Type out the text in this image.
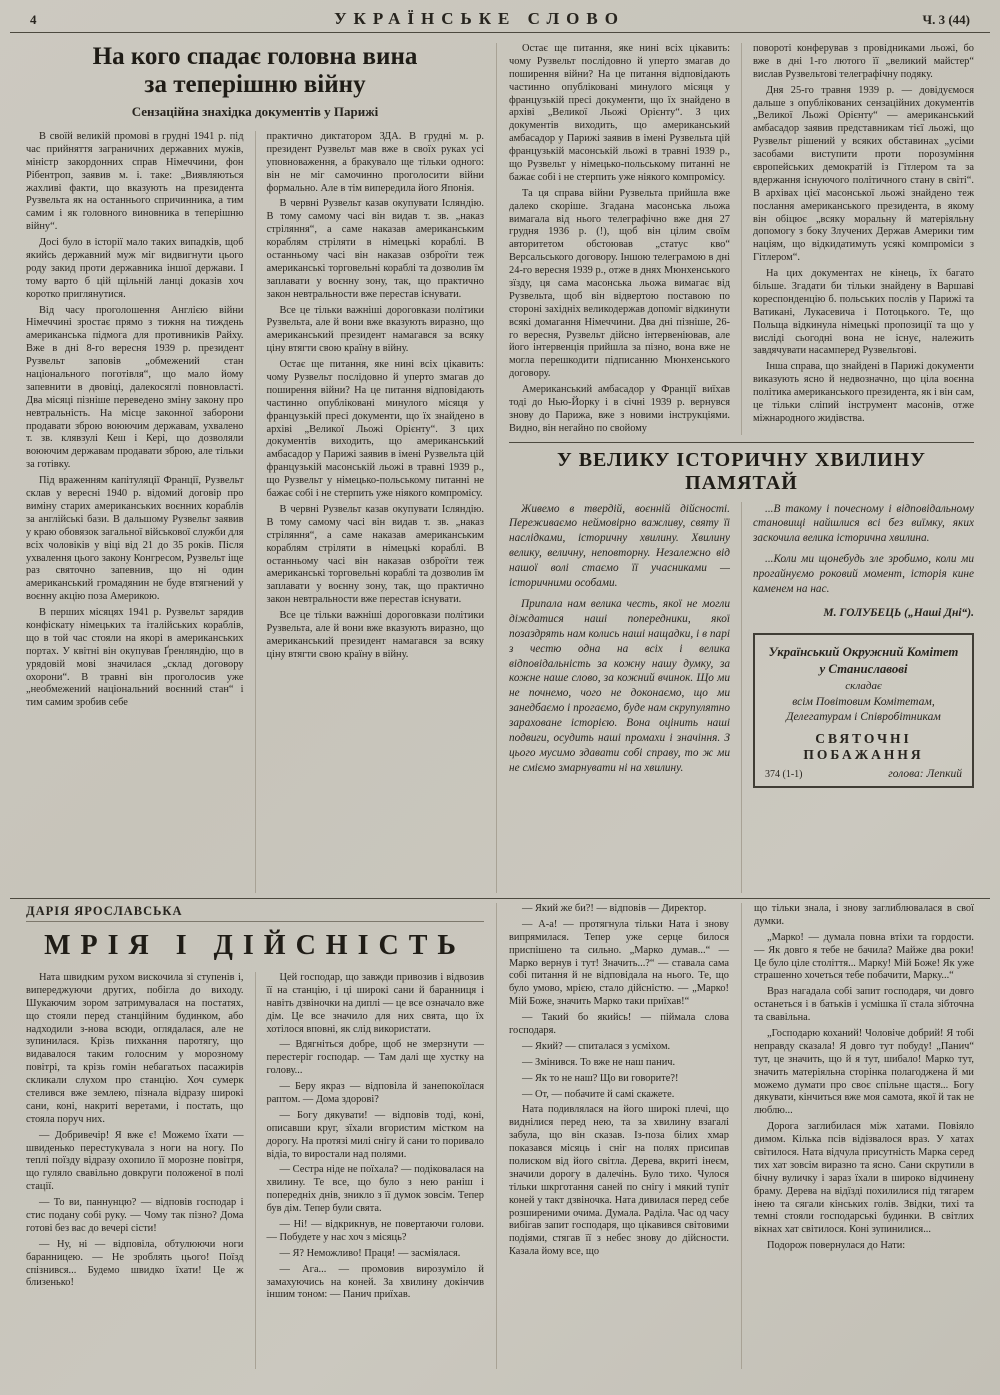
4	УКРАЇНСЬКЕ СЛОВО	Ч. 3 (44)
На кого спадає головна вина
за теперішню війну
Сензаційна знахідка документів у Парижі

В своїй великій промові в грудні 1941 р. під час прийняття заграничних державних мужів, міністр закордонних справ Німеччини, фон Рібентроп, заявив м. і. таке: „Виявляються жахливі факти, що вказують на президента Рузвельта як на останнього спричинника, а тим самим і як головного виновника в теперішню війну“.

Досі було в історії мало таких випадків, щоб якийсь державний муж міг видвигнути цього роду закид проти державника іншої держави. І тому варто б цій щільній ланці доказів хоч коротко приглянутися.

Від часу проголошення Англією війни Німеччині зростає прямо з тижня на тиждень американська підмога для противників Райху. Вже в дні 8-го вересня 1939 р. президент Рузвельт заповів „обмежений стан національного поготівля“, що мало йому запевнити в двовіці, далекосяглі повновласті. Два місяці пізніше переведено зміну закону про невтральність. На місце законної заборони продавати зброю воюючим державам, ухвалено т. зв. клявзулі Кеш і Кері, що дозволяли воюючим державам продавати зброю, але тільки за готівку.

Під враженням капітуляції Франції, Рузвельт склав у вересні 1940 р. відомий договір про виміну старих американських воєнних кораблів за англійські бази. В дальшому Рузвельт заявив у краю обовязок загальної військової служби для всіх чоловіків у віці від 21 до 35 років. Після ухвалення цього закону Конгресом, Рузвельт іще раз святочно запевнив, що ні один американський громадянин не буде втягнений у воєнну акцію поза Америкою.

В перших місяцях 1941 р. Рузвельт зарядив конфіскату німецьких та італійських кораблів, що в той час стояли на якорі в американських портах. У квітні він окупував Ґренляндію, що в урядовій мові значилася „склад договору охорони“. В травні він проголосив уже „необмежений національний воєнний стан“ і тим самим зробив себе

практично диктатором ЗДА. В грудні м. р. президент Рузвельт мав вже в своїх руках усі уповноваження, а бракувало ще тільки одного: він не міг самочинно проголосити війни формально. Але в тім випередила його Японія.

В червні Рузвельт казав окупувати Ісляндію. В тому самому часі він видав т. зв. „наказ стріляння“, а саме наказав американським кораблям стріляти в німецькі кораблі. В останньому часі він наказав озброїти теж американські торговельні кораблі та дозволив їм заплавати у воєнну зону, так, що практично закон невтральности вже перестав існувати.

Все це тільки важніші дороговкази політики Рузвельта, але й вони вже вказують виразно, що американський президент намагався за всяку ціну втягти свою країну в війну.

Остає ще питання, яке нині всіх цікавить: чому Рузвельт послідовно й уперто змагав до поширення війни? На це питання відповідають частинно опубліковані минулого місяця у французькій пресі документи, що їх знайдено в архіві „Великої Льожі Орієнту“. З цих документів виходить, що американський амбасадор у Парижі заявив в імені Рузвельта цій французькій масонській льожі в травні 1939 р., що Рузвельт у німецько-польському питанні не бажає собі і не стерпить уже ніякого компромісу.

В червні Рузвельт казав окупувати Ісляндію. В тому самому часі він видав т. зв. „наказ стріляння“, а саме наказав американським кораблям стріляти в німецькі кораблі. В останньому часі він наказав озброїти теж американські торговельні кораблі та дозволив їм заплавати у воєнну зону, так, що практично закон невтральности вже перестав існувати.

Все це тільки важніші дороговкази політики Рузвельта, але й вони вже вказують виразно, що американський президент намагався за всяку ціну втягти свою країну в війну.

Остає ще питання, яке нині всіх цікавить: чому Рузвельт послідовно й уперто змагав до поширення війни? На це питання відповідають частинно опубліковані минулого місяця у французькій пресі документи, що їх знайдено в архіві „Великої Льожі Орієнту“. З цих документів виходить, що американський амбасадор у Парижі заявив в імені Рузвельта цій французькій масонській льожі в травні 1939 р., що Рузвельт у німецько-польському питанні не бажає собі і не стерпить уже ніякого компромісу.

Та ця справа війни Рузвельта прийшла вже далеко скоріше. Згадана масонська льожа вимагала від нього телеграфічно вже дня 27 грудня 1936 р. (!), щоб він цілим своїм авторитетом обстоював „статус кво“ Версальського договору. Іншою телеграмою в дні 24-го вересня 1939 р., отже в днях Мюнхенського зїзду, ця сама масонська льожа вимагає від Рузвельта, щоб він відвертою поставою по стороні західніх великодержав допоміг відкинути всякі домагання Німеччини. Два дні пізніше, 26-го вересня, Рузвельт дійсно інтервеніював, але його інтервенція прийшла за пізно, вона вже не могла перешкодити підписанню Мюнхенського договору.

Американський амбасадор у Франції виїхав тоді до Нью-Йорку і в січні 1939 р. вернувся знову до Парижа, вже з новими інструкціями. Видно, він негайно по свойому

повороті конферував з провідниками льожі, бо вже в дні 1-го лютого її „великий майстер“ вислав Рузвельтові телеграфічну подяку.

Дня 25-го травня 1939 р. — довідуємося дальше з опублікованих сензаційних документів „Великої Льожі Орієнту“ — американський амбасадор заявив представникам тієї льожі, що Рузвельт рішений у всяких обставинах „усіми засобами виступити проти порозуміння європейських демократій із Гітлером та за вдержання існуючого політичного стану в світі“. В архівах цієї масонської льожі знайдено теж послання американського президента, в якому він обіцює „всяку моральну й матеріяльну допомогу з боку Злучених Держав Америки тим націям, що відкидатимуть усякі компроміси з Гітлером“.

На цих документах не кінець, їх багато більше. Згадати би тільки знайдену в Варшаві кореспонденцію б. польських послів у Парижі та Ватикані, Лукасевича і Потоцького. Те, що Польща відкинула німецькі пропозиції та що у висліді сьогодні вона не існує, належить завдячувати насамперед Рузвельтові.

Інша справа, що знайдені в Парижі документи виказують ясно й недвозначно, що ціла воєнна політика американського президента, як і він сам, це тільки сліпий інструмент масонів, отже міжнародного жидівства.

У ВЕЛИКУ ІСТОРИЧНУ ХВИЛИНУ ПАМЯТАЙ

Живемо в твердій, воєнній дійсності. Переживаємо неймовірно важливу, святу її наслідками, історичну хвилину. Хвилину велику, величну, неповторну. Незалежно від нашої волі стаємо її учасниками — історичними особами.

Припала нам велика честь, якої не могли діждатися наші попередники, якої позаздрять нам колись наші нащадки, і в парі з честю одна на всіх і велика відповідальність за кожну нашу думку, за кожне наше слово, за кожний вчинок. Що ми не почнемо, чого не доконаємо, що ми занедбаємо і прогаємо, буде нам скрупулятно зараховане історією. Вона оцінить наші подвиги, осудить наші промахи і значіння. З цього мусимо здавати собі справу, то ж ми не сміємо змарнувати ні на хвилину.

...В такому і почесному і відповідальному становищі найшлися всі без виїмку, яких заскочила велика історична хвилина.

...Коли ми щонебудь зле зробимо, коли ми прогайнуємо роковий момент, історія кине каменем на нас.

М. ГОЛУБЕЦЬ („Наші Дні“).
Український Окружний Комітет
у Станиславові
складає
всім Повітовим Комітетам,
Делегатурам і Співробітникам
СВЯТОЧНІ ПОБАЖАННЯ
374 (1-1)	голова: Лепкий
ДАРІЯ ЯРОСЛАВСЬКА
МРІЯ І ДІЙСНІСТЬ

Ната швидким рухом вискочила зі ступенів і, випереджуючи других, побігла до виходу. Шукаючим зором затримувалася на постатях, що стояли перед станційним будинком, або надходили з-нова всюди, оглядалася, але не зупинилася. Крізь пихкання паротягу, що видавалося таким голосним у морозному повітрі, та крізь гомін небагатьох пасажирів скликали слухом про станцію. Хоч сумерк стелився вже землею, пізнала відразу широкі сани, коні, накриті веретами, і постать, що стояла поруч них.

— Добривечір! Я вже є! Можемо їхати — швиденько перестукувала з ноги на ногу. По теплі поїзду відразу охопило її морозне повітря, що гуляло свавільно довкруги положеної в полі стації.

— То ви, паннунцю? — відповів господар і стис подану собі руку. — Чому так пізно? Дома готові без вас до вечері сісти!

— Ну, ні — відповіла, обтулюючи ноги баранницею. — Не зроблять цього! Поїзд спізнився... Будемо швидко їхати! Це ж близенько!

Цей господар, що завжди привозив і відвозив її на станцію, і ці широкі сани й баранниця і навіть дзвіночки на диплі — це все означало вже дім. Це все значило для них свята, що їх хотілося вповні, як слід використати.

— Вдягніться добре, щоб не змерзнути — перестеріг господар. — Там далі ще хустку на голову...

— Беру якраз — відповіла й занепокоїлася раптом. — Дома здорові?

— Богу дякувати! — відповів тоді, коні, описавши круг, зїхали вгористим містком на дорогу. На протязі милі снігу й сани то поривало відіа, то виростали над полями.

— Сестра ніде не поїхала? — подіковалася на хвилину. Те все, що було з нею раніш і попередніх днів, зникло з її думок зовсім. Тепер був дім. Тепер були свята.

— Ні! — відкрикнув, не повертаючи голови. — Побудете у нас хоч з місяць?

— Я? Неможливо! Праця! — засміялася.

— Ага... — промовив вирозуміло й замахуючись на коней. За хвилину докінчив іншим тоном: — Панич приїхав.

— Який же би?! — відповів — Директор.

— А-а! — протягнула тільки Ната і знову випрямилася. Тепер уже серце билося приспішено та сильно. „Марко думав...“ — Марко вернув і тут! Значить...?“ — ставала сама собі питання й не відповідала на нього. Те, що було умово, мрією, стало дійсністю. — „Марко! Мій Боже, значить Марко таки приїхав!“

— Такий бо якийсь! — піймала слова господаря.

— Який? — спиталася з усміхом.

— Змінився. То вже не наш панич.

— Як то не наш? Що ви говорите?!

— От, — побачите й самі скажете.

Ната подивлялася на його широкі плечі, що виднілися перед нею, та за хвилину взагалі забула, що він сказав. Із-поза білих хмар показався місяць і сніг на полях присипав полиском від його світла. Дерева, вкриті інеєм, значили дорогу в далечінь. Було тихо. Чулося тільки шкрготання саней по снігу і мякий тупіт коней у такт дзвіночка. Ната дивилася перед себе розширеними очима. Думала. Раділа. Час од часу вибігав запит господаря, що цікавився світовими подіями, стягав її з небес знову до дійсности. Казала йому все, що

що тільки знала, і знову заглиблювалася в свої думки.

„Марко! — думала повна втіхи та гордости. — Як довго я тебе не бачила? Майже два роки! Це було ціле століття... Марку! Мій Боже! Як уже страшенно хочеться тебе побачити, Марку...“

Враз нагадала собі запит господаря, чи довго останеться і в батьків і усмішка її стала зібточна та свавільна.

„Господарю коханий! Чоловіче добрий! Я тобі неправду сказала! Я довго тут побуду! „Панич“ тут, це значить, що й я тут, шибало! Марко тут, значить матеріяльна сторінка полагоджена й ми можемо думати про своє спільне щастя... Богу дякувати, кінчиться вже моя самота, якої й так не люблю...

Дорога заглибилася між хатами. Повіяло димом. Кілька псів відізвалося враз. У хатах світилося. Ната відчула присутність Марка серед тих хат зовсім виразно та ясно. Сани скрутили в бічну вуличку і зараз їхали в широко відчинену браму. Дерева на відїзді похилилися під тягарем інею та сягали кінських голів. Звідки, тихі та темні стояли господарські будинки. В світлих вікнах хат світилося. Коні зупинилися...

Подорож повернулася до Нати:
